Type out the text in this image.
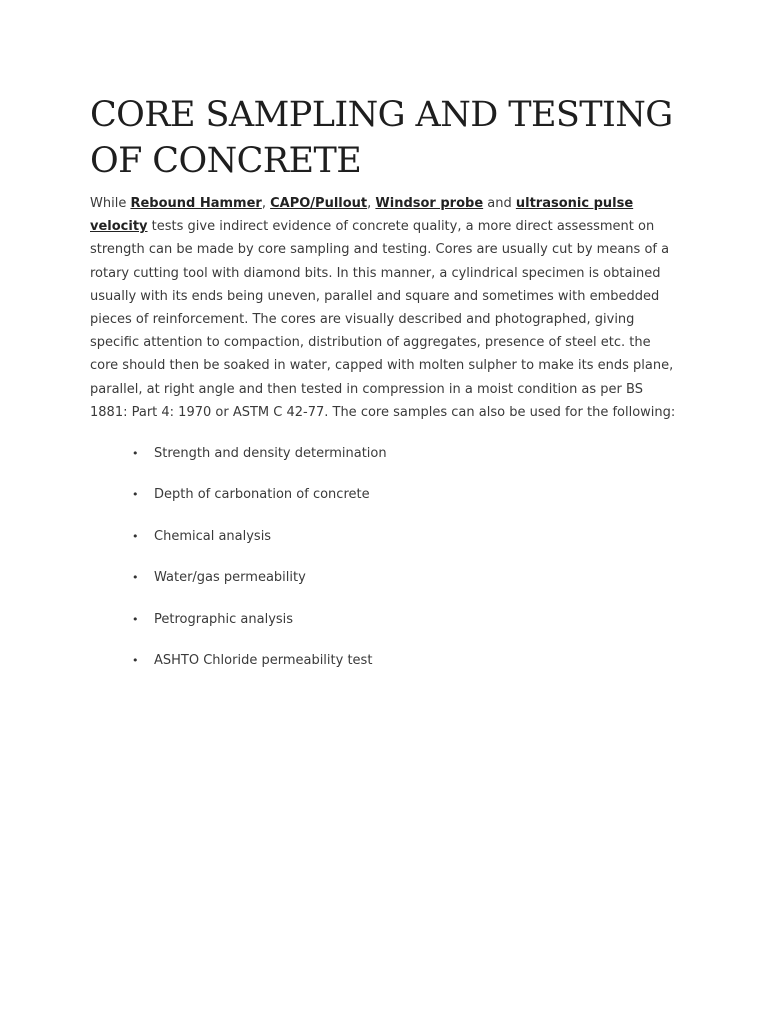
CORE SAMPLING AND TESTING OF CONCRETE

While Rebound Hammer, CAPO/Pullout, Windsor probe and ultrasonic pulse velocity tests give indirect evidence of concrete quality, a more direct assessment on strength can be made by core sampling and testing. Cores are usually cut by means of a rotary cutting tool with diamond bits. In this manner, a cylindrical specimen is obtained usually with its ends being uneven, parallel and square and sometimes with embedded pieces of reinforcement. The cores are visually described and photographed, giving specific attention to compaction, distribution of aggregates, presence of steel etc. the core should then be soaked in water, capped with molten sulpher to make its ends plane, parallel, at right angle and then tested in compression in a moist condition as per BS 1881: Part 4: 1970 or ASTM C 42-77. The core samples can also be used for the following:

• Strength and density determination
• Depth of carbonation of concrete
• Chemical analysis
• Water/gas permeability
• Petrographic analysis
• ASHTO Chloride permeability test
